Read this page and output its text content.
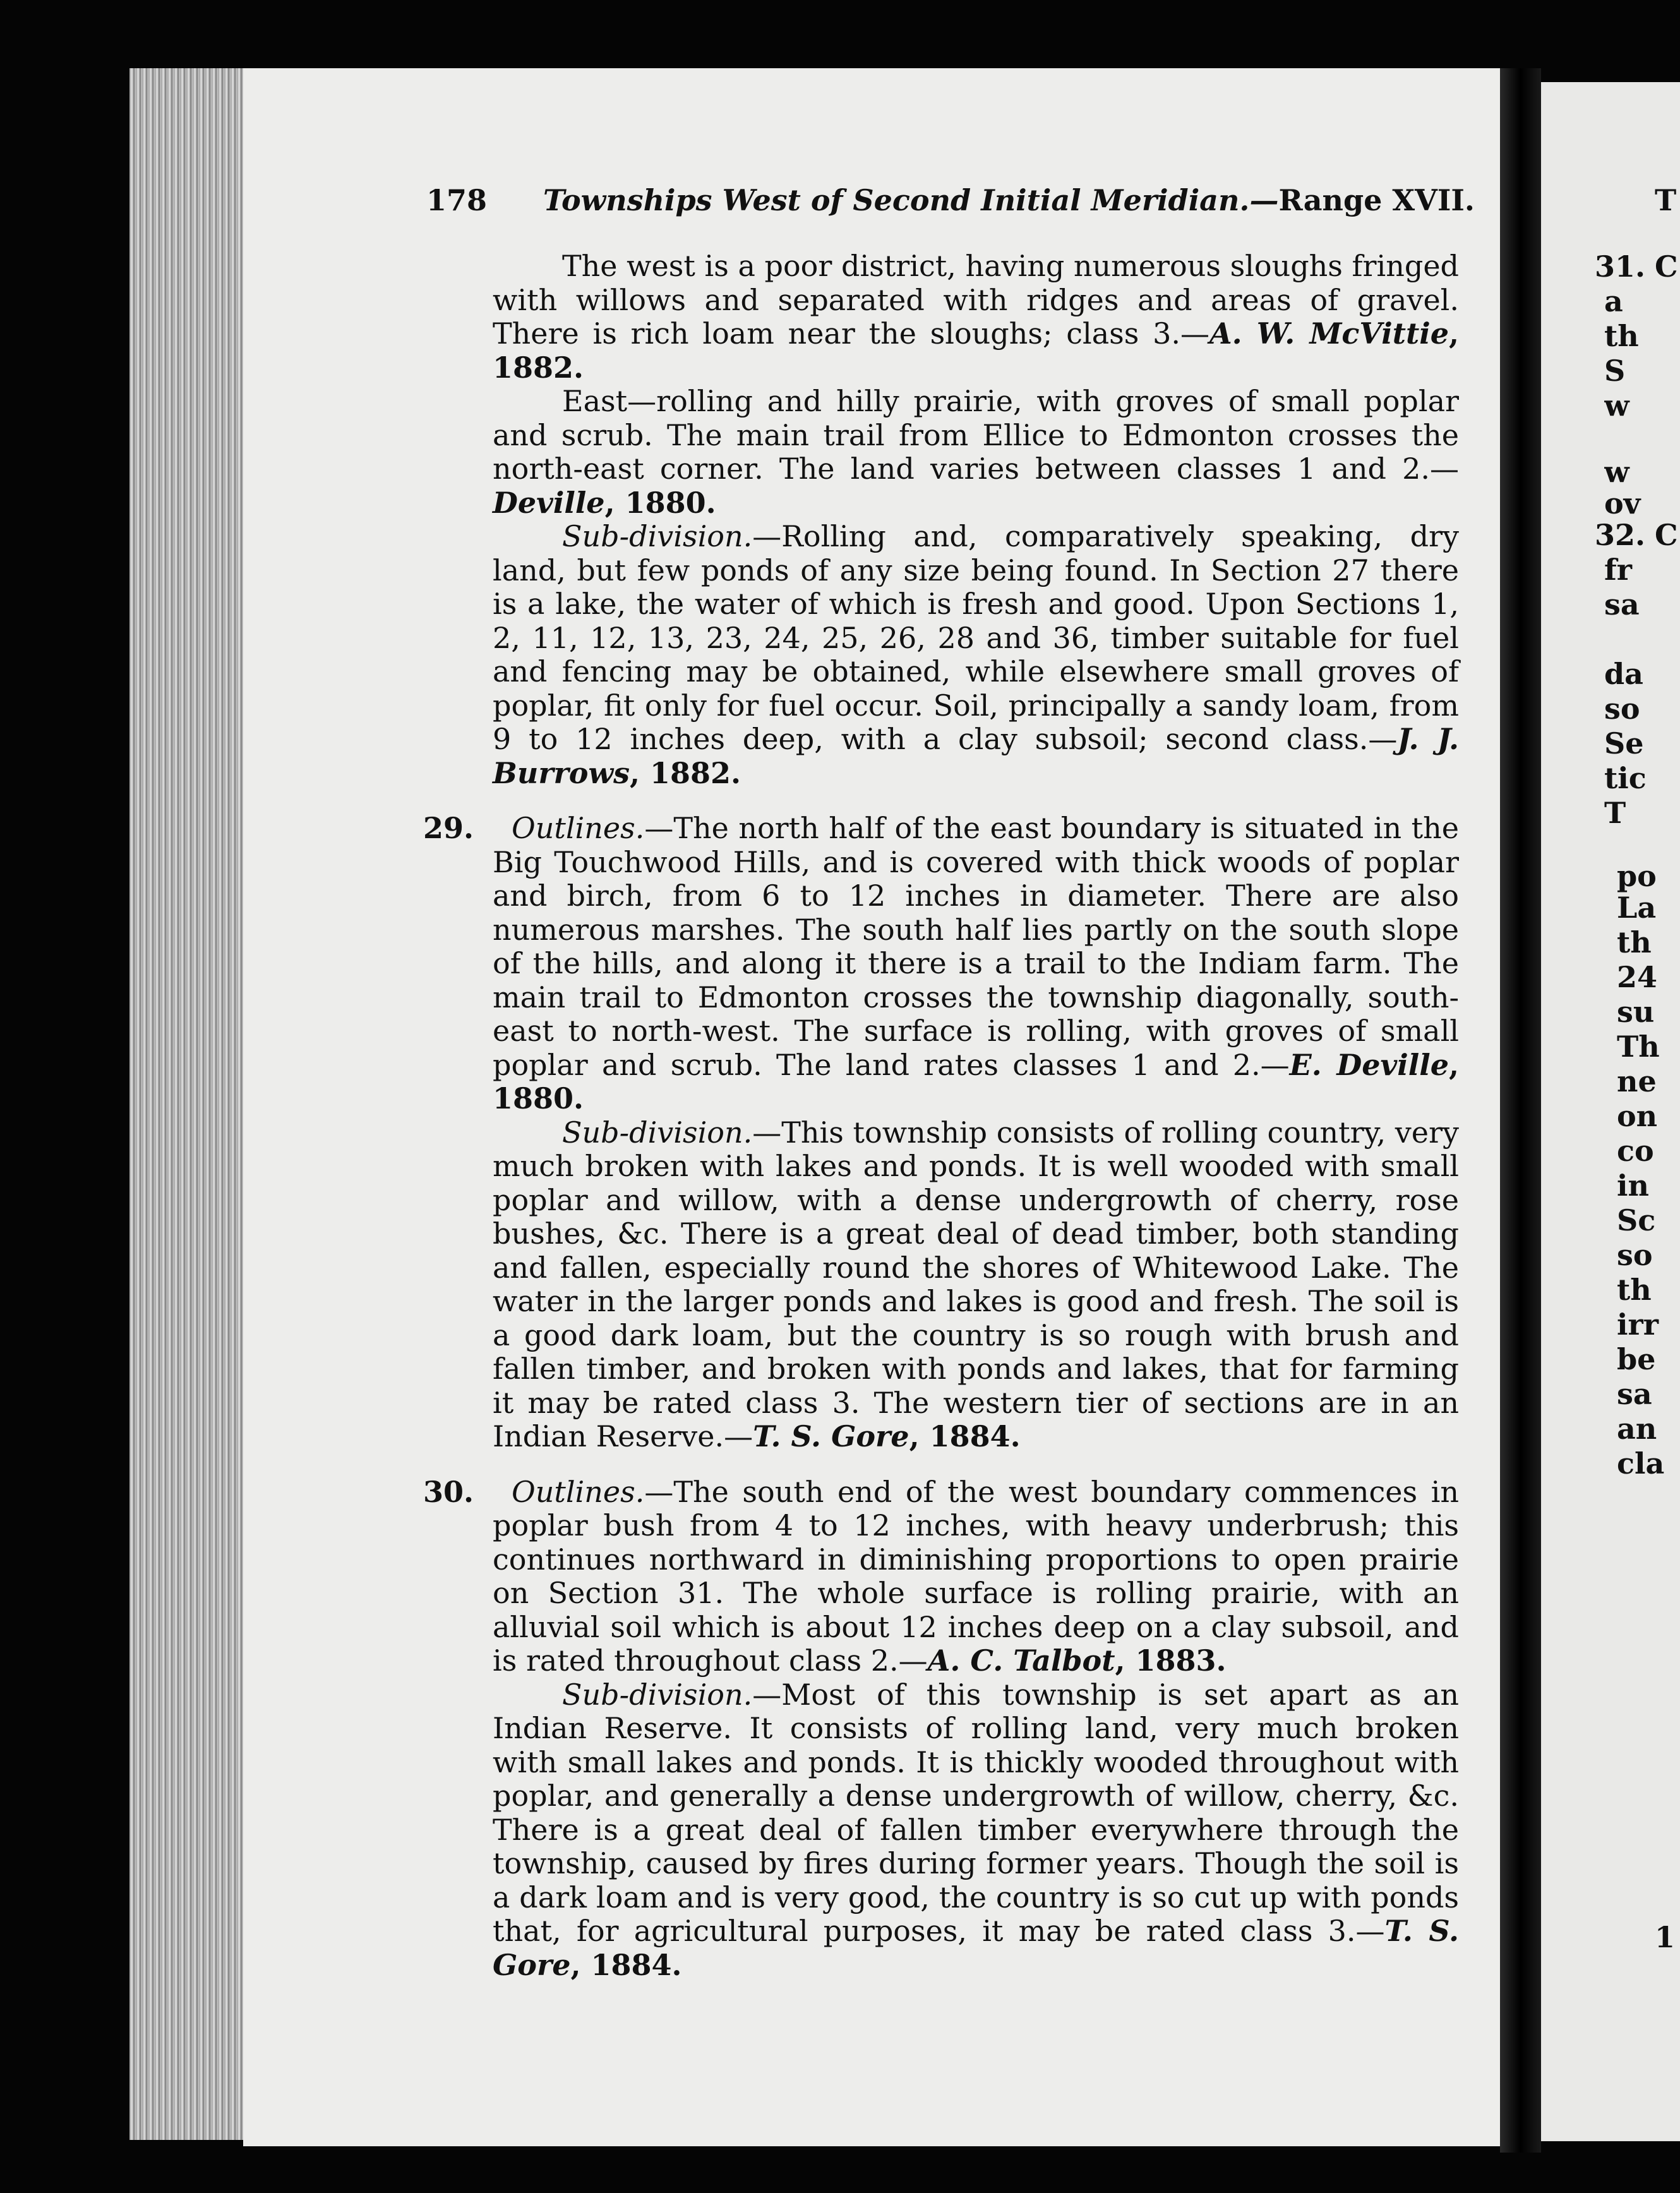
178 Townships West of Second Initial Meridian.—Range XVII.

The west is a poor district, having numerous sloughs fringed with willows and separated with ridges and areas of gravel. There is rich loam near the sloughs; class 3.—A. W. McVittie, 1882.

East—rolling and hilly prairie, with groves of small poplar and scrub. The main trail from Ellice to Edmonton crosses the north-east corner. The land varies between classes 1 and 2.—Deville, 1880.

Sub-division.—Rolling and, comparatively speaking, dry land, but few ponds of any size being found. In Section 27 there is a lake, the water of which is fresh and good. Upon Sections 1, 2, 11, 12, 13, 23, 24, 25, 26, 28 and 36, timber suitable for fuel and fencing may be obtained, while elsewhere small groves of poplar, fit only for fuel occur. Soil, principally a sandy loam, from 9 to 12 inches deep, with a clay subsoil; second class.—J. J. Burrows, 1882.

29. Outlines.—The north half of the east boundary is situated in the Big Touchwood Hills, and is covered with thick woods of poplar and birch, from 6 to 12 inches in diameter. There are also numerous marshes. The south half lies partly on the south slope of the hills, and along it there is a trail to the Indiam farm. The main trail to Edmonton crosses the township diagonally, south-east to north-west. The surface is rolling, with groves of small poplar and scrub. The land rates classes 1 and 2.—E. Deville, 1880.

Sub-division.—This township consists of rolling country, very much broken with lakes and ponds. It is well wooded with small poplar and willow, with a dense undergrowth of cherry, rose bushes, &c. There is a great deal of dead timber, both standing and fallen, especially round the shores of Whitewood Lake. The water in the larger ponds and lakes is good and fresh. The soil is a good dark loam, but the country is so rough with brush and fallen timber, and broken with ponds and lakes, that for farming it may be rated class 3. The western tier of sections are in an Indian Reserve.—T. S. Gore, 1884.

30. Outlines.—The south end of the west boundary commences in poplar bush from 4 to 12 inches, with heavy underbrush; this continues northward in diminishing proportions to open prairie on Section 31. The whole surface is rolling prairie, with an alluvial soil which is about 12 inches deep on a clay subsoil, and is rated throughout class 2.—A. C. Talbot, 1883.

Sub-division.—Most of this township is set apart as an Indian Reserve. It consists of rolling land, very much broken with small lakes and ponds. It is thickly wooded throughout with poplar, and generally a dense undergrowth of willow, cherry, &c. There is a great deal of fallen timber everywhere through the township, caused by fires during former years. Though the soil is a dark loam and is very good, the country is so cut up with ponds that, for agricultural purposes, it may be rated class 3.—T. S. Gore, 1884.

T
31.
32.
C
a
th
S
w
w
ov
C
fr
sa
da
so
Se
tic
T
po
La
th
24
su
Th
ne
on
co
in
Sc
so
th
irr
be
sa
an
cla
1
